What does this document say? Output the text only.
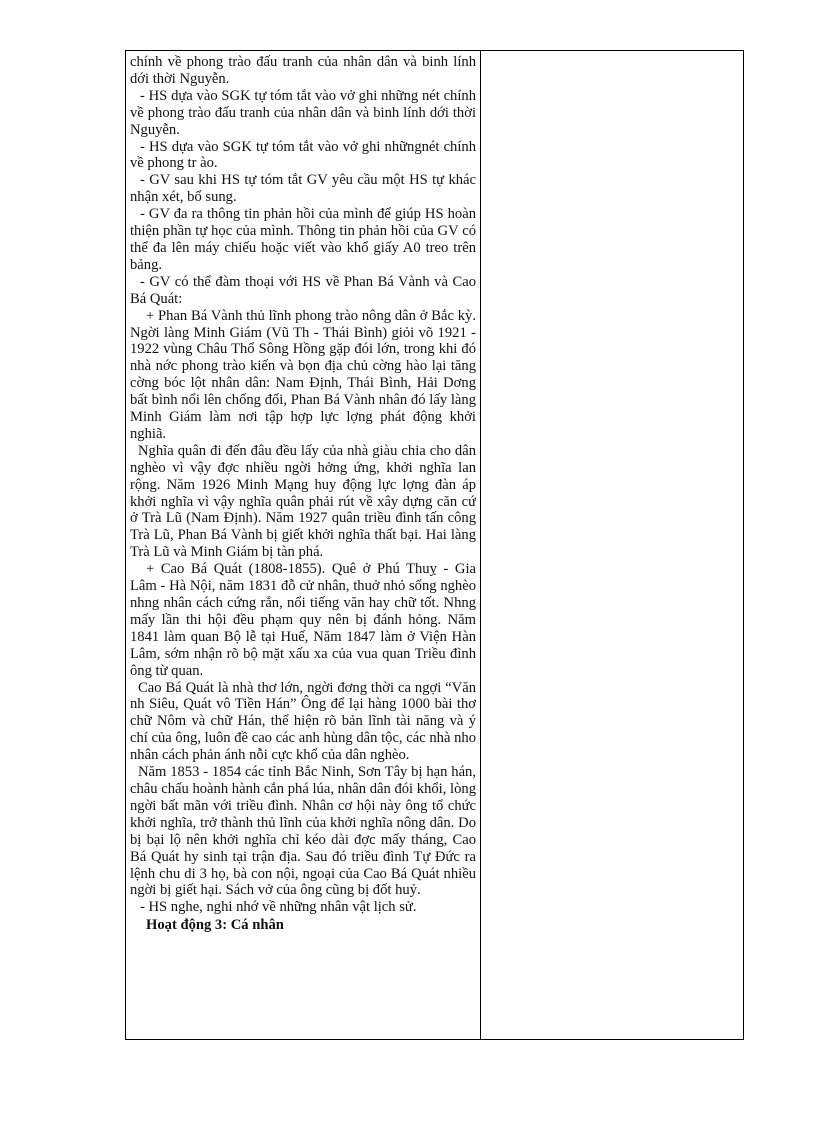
chính về phong trào đấu tranh của nhân dân và binh lính dới thời Nguyễn.

- HS dựa vào SGK tự tóm tắt vào vở ghi những nét chính về phong trào đấu tranh của nhân dân và binh lính dới thời Nguyễn.

- HS dựa vào SGK tự tóm tắt vào vở ghi nhữngnét chính về phong tr ào.

- GV sau khi HS tự tóm tắt GV yêu cầu một HS tự khác nhận xét, bổ sung.

- GV đa ra thông tin phản hồi của mình để giúp HS hoàn thiện phần tự học của mình. Thông tin phản hồi của GV có thể đa lên máy chiếu hoặc viết vào khổ giấy A0 treo trên bảng.

- GV có thể đàm thoại với HS về Phan Bá Vành và Cao Bá Quát:

+ Phan Bá Vành thủ lĩnh phong trào nông dân ở Bắc kỳ. Ngời làng Minh Giám (Vũ Th - Thái Bình) giỏi võ 1921 - 1922 vùng Châu Thổ Sông Hồng gặp đói lớn, trong khi đó nhà nớc phong trào kiến và bọn địa chủ cờng hào lại tăng cờng bóc lột nhân dân: Nam Định, Thái Bình, Hải Dơng bất bình nổi lên chống đối, Phan Bá Vành nhân đó lấy làng Minh Giám làm nơi tập hợp lực lợng phát động khởi nghiã.

Nghĩa quân đi đến đâu đều lấy của nhà giàu chia cho dân nghèo vì vậy đợc nhiều ngời hởng ứng, khởi nghĩa lan rộng. Năm 1926 Minh Mạng huy động lực lợng đàn áp khởi nghĩa vì vậy nghĩa quân phải rút về xây dựng căn cứ ở Trà Lũ (Nam Định). Năm 1927 quân triều đình tấn công Trà Lũ, Phan Bá Vành bị giết khởi nghĩa thất bại. Hai làng Trà Lũ và Minh Giám bị tàn phá.

+ Cao Bá Quát (1808-1855). Quê ở Phú Thuỵ - Gia Lâm - Hà Nội, năm 1831 đỗ cử nhân, thuở nhỏ sống nghèo nhng nhân cách cứng rắn, nổi tiếng văn hay chữ tốt. Nhng mấy lần thi hội đều phạm quy nên bị đánh hỏng. Năm 1841 làm quan Bộ lễ tại Huế, Năm 1847 làm ở Viện Hàn Lâm, sớm nhận rõ bộ mặt xấu xa của vua quan Triều đình ông từ quan.

Cao Bá Quát là nhà thơ lớn, ngời đơng thời ca ngợi “Văn nh Siêu, Quát vô Tiền Hán” Ông để lại hàng 1000 bài thơ chữ Nôm và chữ Hán, thể hiện rõ bản lĩnh tài năng và ý chí của ông, luôn đề cao các anh hùng dân tộc, các nhà nho nhân cách phản ánh nỗi cực khổ của dân nghèo.

Năm 1853 - 1854 các tỉnh Bắc Ninh, Sơn Tây bị hạn hán, châu chấu hoành hành cắn phá lúa, nhân dân đói khổi, lòng ngời bất mãn với triều đình. Nhân cơ hội này ông tổ chức khởi nghĩa, trở thành thủ lĩnh của khởi nghĩa nông dân. Do bị bại lộ nên khởi nghĩa chỉ kéo dài đợc mấy tháng, Cao Bá Quát hy sinh tại trận địa. Sau đó triều đình Tự Đức ra lệnh chu di 3 họ, bà con nội, ngoại của Cao Bá Quát nhiều ngời bị giết hại. Sách vở của ông cũng bị đốt huỷ.

- HS nghe, nghi nhớ về những nhân vật lịch sử.

Hoạt động 3: Cá nhân
